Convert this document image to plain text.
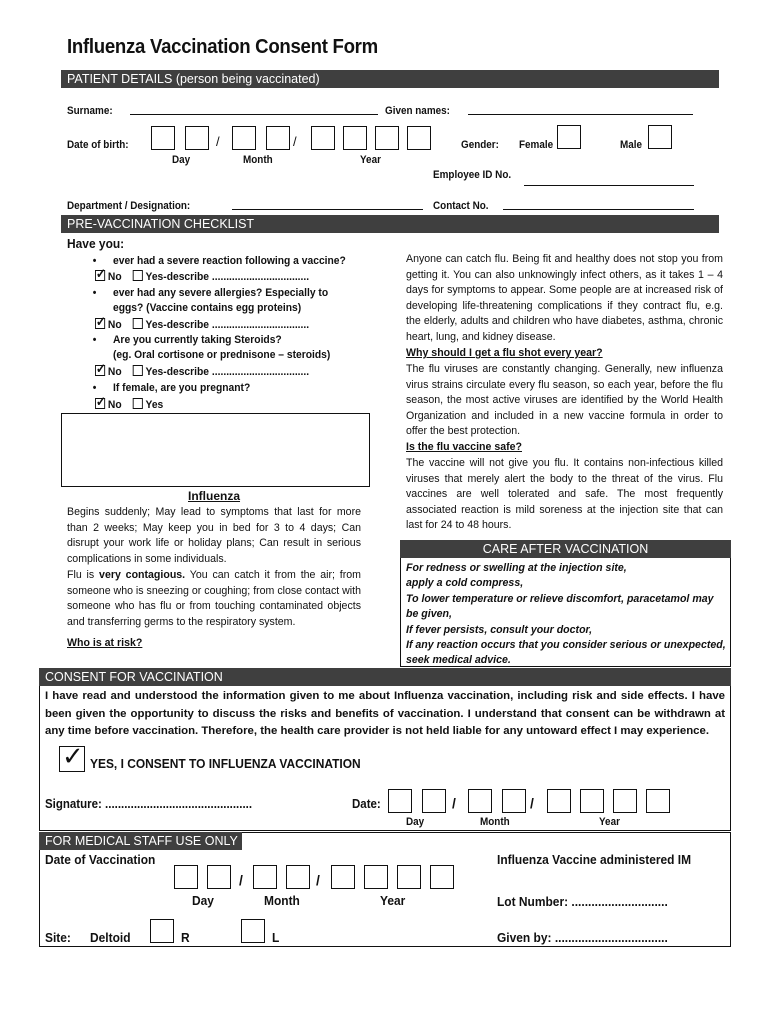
Influenza Vaccination Consent Form
PATIENT DETAILS (person being vaccinated)
Surname:	Given names:
Date of birth:	/	/
Day	Month	Year
Gender: Female	Male
Employee ID No.
Department / Designation:	Contact No.
PRE-VACCINATION CHECKLIST
Have you:
• ever had a severe reaction following a vaccine?
✓No Yes-describe ..................................
• ever had any severe allergies? Especially to
eggs? (Vaccine contains egg proteins)
✓No Yes-describe ..................................
• Are you currently taking Steroids?
(eg. Oral cortisone or prednisone – steroids)
✓No Yes-describe ..................................
• If female, are you pregnant?
✓No Yes
Influenza
Begins suddenly; May lead to symptoms that last for more than 2 weeks; May keep you in bed for 3 to 4 days; Can disrupt your work life or holiday plans; Can result in serious complications in some individuals.
Flu is very contagious. You can catch it from the air; from someone who is sneezing or coughing; from close contact with someone who has flu or from touching contaminated objects and transferring germs to the respiratory system.
Who is at risk?
Anyone can catch flu. Being fit and healthy does not stop you from getting it. You can also unknowingly infect others, as it takes 1 – 4 days for symptoms to appear. Some people are at increased risk of developing life-threatening complications if they contract flu, e.g. the elderly, adults and children who have diabetes, asthma, chronic heart, lung, and kidney disease.
Why should I get a flu shot every year?
The flu viruses are constantly changing. Generally, new influenza virus strains circulate every flu season, so each year, before the flu season, the most active viruses are identified by the World Health Organization and included in a new vaccine formula in order to offer the best protection.
Is the flu vaccine safe?
The vaccine will not give you flu. It contains non-infectious killed viruses that merely alert the body to the threat of the virus. Flu vaccines are well tolerated and safe. The most frequently associated reaction is mild soreness at the injection site that can last for 24 to 48 hours.
CARE AFTER VACCINATION
For redness or swelling at the injection site,
apply a cold compress,
To lower temperature or relieve discomfort, paracetamol may be given,
If fever persists, consult your doctor,
If any reaction occurs that you consider serious or unexpected, seek medical advice.
CONSENT FOR VACCINATION
I have read and understood the information given to me about Influenza vaccination, including risk and side effects. I have been given the opportunity to discuss the risks and benefits of vaccination. I understand that consent can be withdrawn at any time before vaccination. Therefore, the health care provider is not held liable for any untoward effect I may experience.
✓ YES, I CONSENT TO INFLUENZA VACCINATION
Signature: ..............................................	Date:	/	/
Day	Month	Year
FOR MEDICAL STAFF USE ONLY
Date of Vaccination	Influenza Vaccine administered IM
/	/
Day	Month	Year	Lot Number: .............................
Site: Deltoid	R	L	Given by: ..................................
